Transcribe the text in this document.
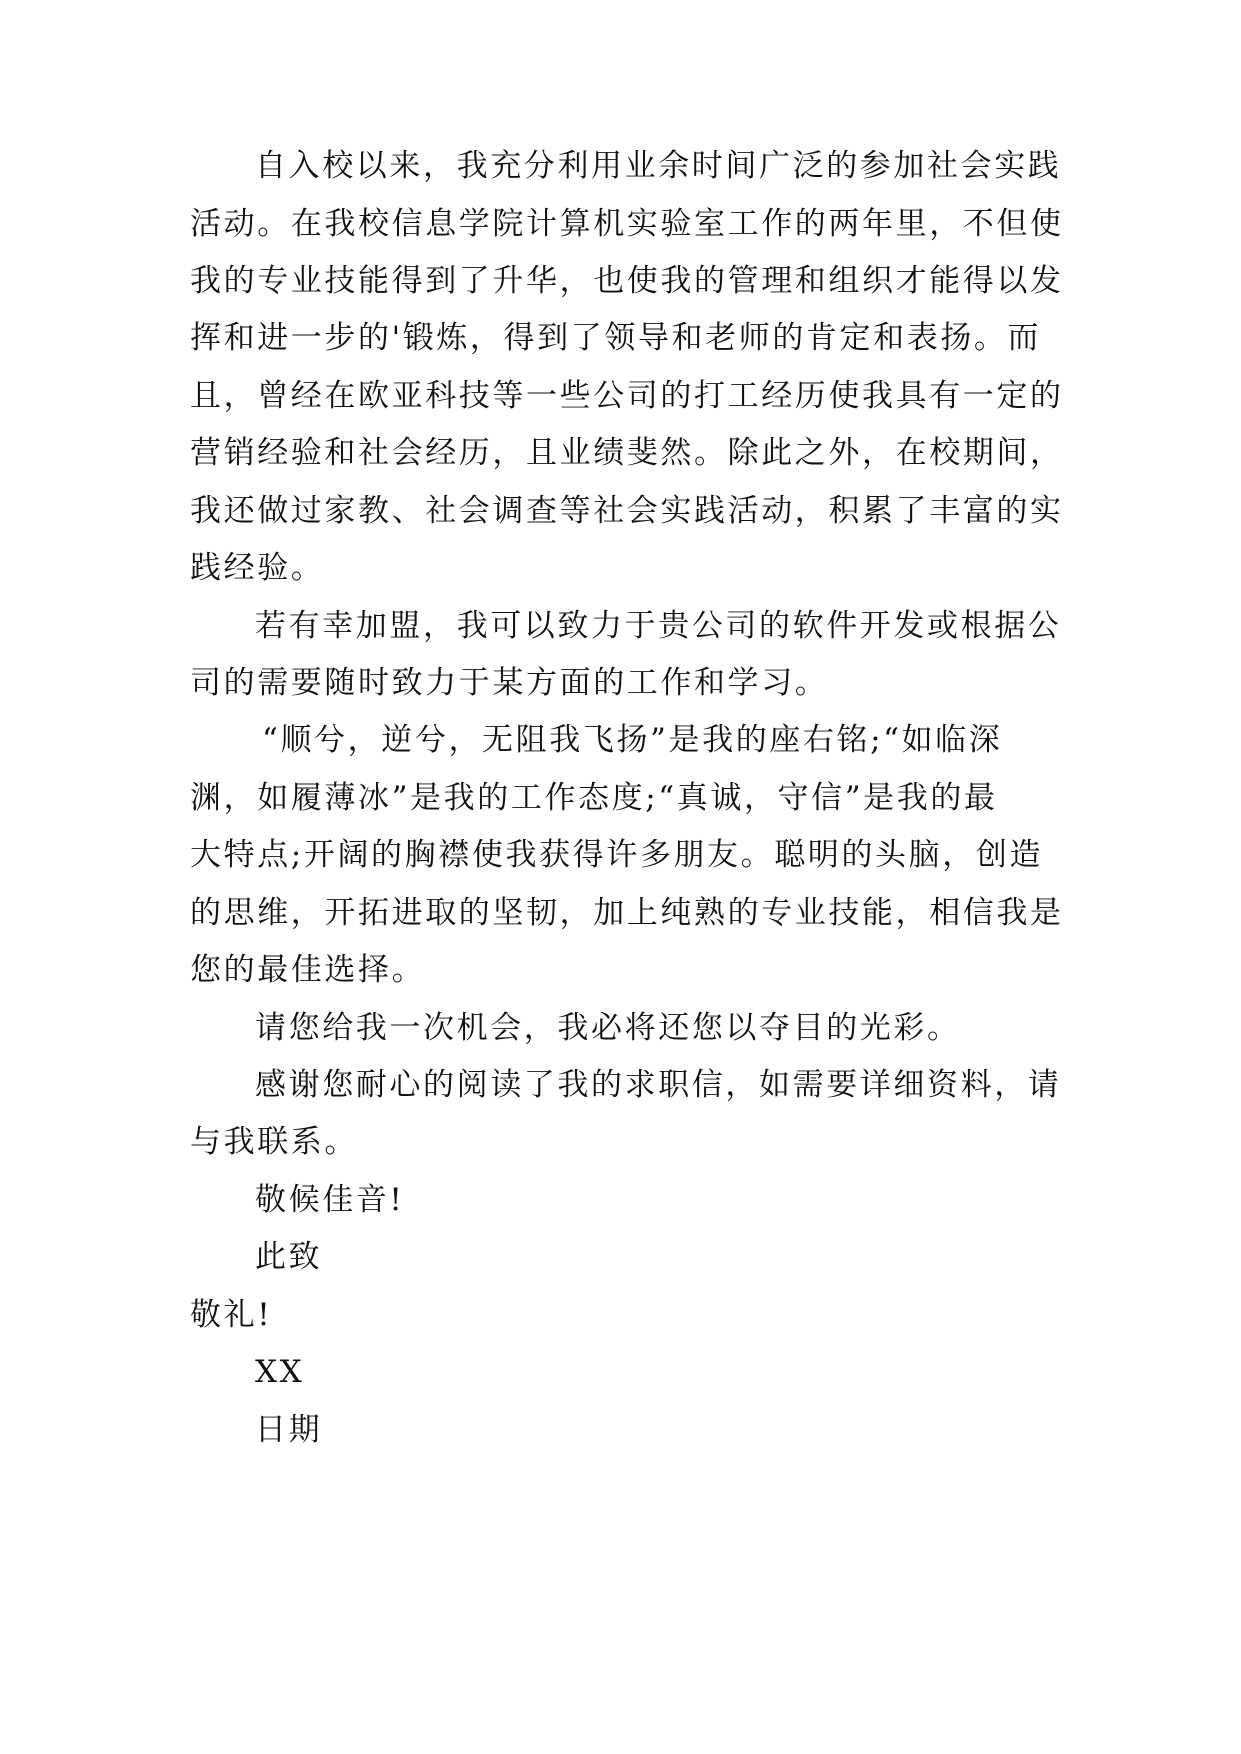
自入校以来，我充分利用业余时间广泛的参加社会实践
活动。在我校信息学院计算机实验室工作的两年里，不但使
我的专业技能得到了升华，也使我的管理和组织才能得以发
挥和进一步的'锻炼，得到了领导和老师的肯定和表扬。而
且，曾经在欧亚科技等一些公司的打工经历使我具有一定的
营销经验和社会经历，且业绩斐然。除此之外，在校期间，
我还做过家教、社会调查等社会实践活动，积累了丰富的实
践经验。
若有幸加盟，我可以致力于贵公司的软件开发或根据公
司的需要随时致力于某方面的工作和学习。
“顺兮，逆兮，无阻我飞扬”是我的座右铭;“如临深
渊，如履薄冰”是我的工作态度;“真诚，守信”是我的最
大特点;开阔的胸襟使我获得许多朋友。聪明的头脑，创造
的思维，开拓进取的坚韧，加上纯熟的专业技能，相信我是
您的最佳选择。
请您给我一次机会，我必将还您以夺目的光彩。
感谢您耐心的阅读了我的求职信，如需要详细资料，请
与我联系。
敬候佳音!
此致
敬礼!
XX
日期
